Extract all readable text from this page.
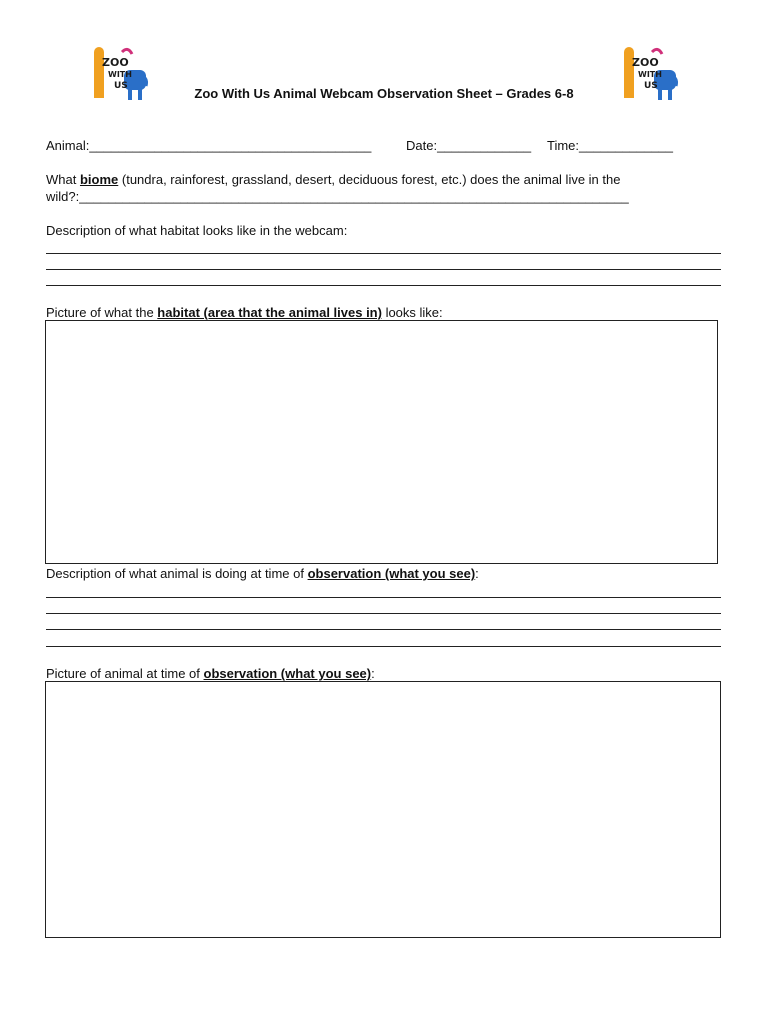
ZOO
WITH
US
ZOO
WITH
US
Zoo With Us Animal Webcam Observation Sheet – Grades 6-8
Animal:_______________________________________	Date:_____________ Time:_____________
What biome (tundra, rainforest, grassland, desert, deciduous forest, etc.) does the animal live in the
wild?:____________________________________________________________________________
Description of what habitat looks like in the webcam:
Picture of what the habitat (area that the animal lives in) looks like:
Description of what animal is doing at time of observation (what you see):
Picture of animal at time of observation (what you see):
